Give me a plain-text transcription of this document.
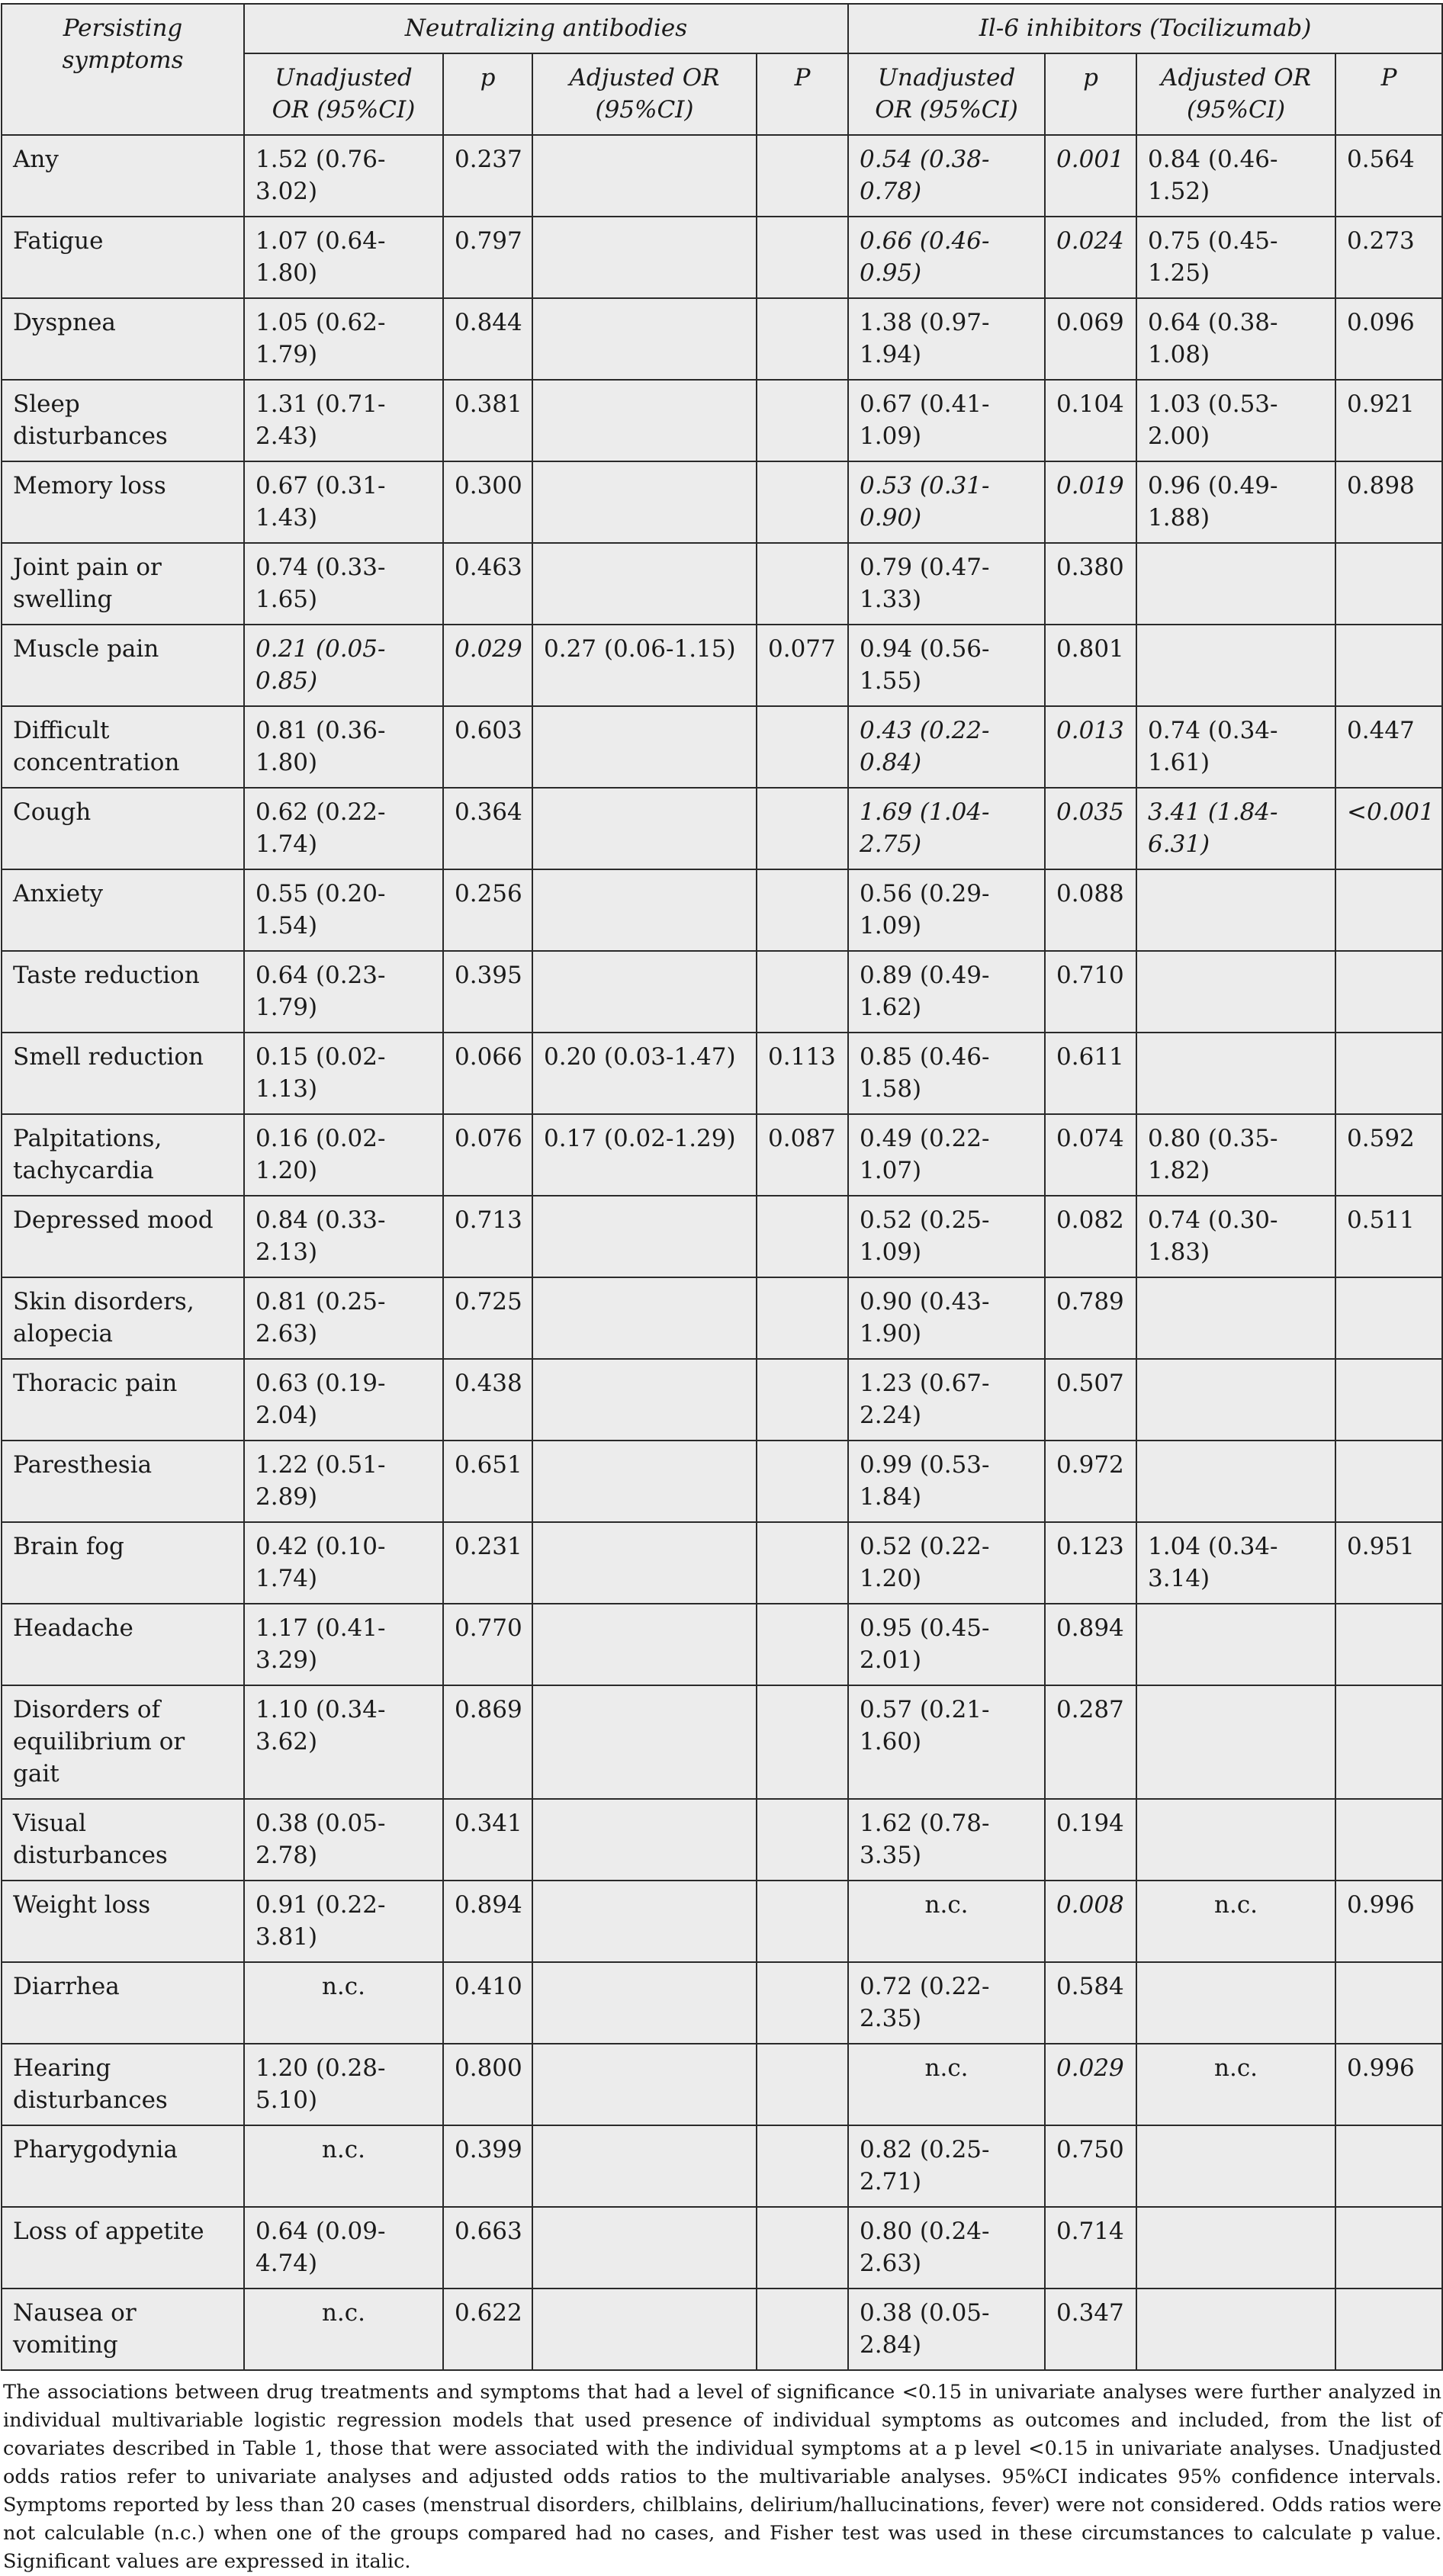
Persisting symptoms	Neutralizing antibodies				Il-6 inhibitors (Tocilizumab)			
	Unadjusted OR (95%CI)	p	Adjusted OR (95%CI)	P	Unadjusted OR (95%CI)	p	Adjusted OR (95%CI)	P
Any	1.52 (0.76-3.02)	0.237			0.54 (0.38-0.78)	0.001	0.84 (0.46-1.52)	0.564
Fatigue	1.07 (0.64-1.80)	0.797			0.66 (0.46-0.95)	0.024	0.75 (0.45-1.25)	0.273
Dyspnea	1.05 (0.62-1.79)	0.844			1.38 (0.97-1.94)	0.069	0.64 (0.38-1.08)	0.096
Sleep disturbances	1.31 (0.71-2.43)	0.381			0.67 (0.41-1.09)	0.104	1.03 (0.53-2.00)	0.921
Memory loss	0.67 (0.31-1.43)	0.300			0.53 (0.31-0.90)	0.019	0.96 (0.49-1.88)	0.898
Joint pain or swelling	0.74 (0.33-1.65)	0.463			0.79 (0.47-1.33)	0.380		
Muscle pain	0.21 (0.05-0.85)	0.029	0.27 (0.06-1.15)	0.077	0.94 (0.56-1.55)	0.801		
Difficult concentration	0.81 (0.36-1.80)	0.603			0.43 (0.22-0.84)	0.013	0.74 (0.34-1.61)	0.447
Cough	0.62 (0.22-1.74)	0.364			1.69 (1.04-2.75)	0.035	3.41 (1.84-6.31)	<0.001
Anxiety	0.55 (0.20-1.54)	0.256			0.56 (0.29-1.09)	0.088		
Taste reduction	0.64 (0.23-1.79)	0.395			0.89 (0.49-1.62)	0.710		
Smell reduction	0.15 (0.02-1.13)	0.066	0.20 (0.03-1.47)	0.113	0.85 (0.46-1.58)	0.611		
Palpitations, tachycardia	0.16 (0.02-1.20)	0.076	0.17 (0.02-1.29)	0.087	0.49 (0.22-1.07)	0.074	0.80 (0.35-1.82)	0.592
Depressed mood	0.84 (0.33-2.13)	0.713			0.52 (0.25-1.09)	0.082	0.74 (0.30-1.83)	0.511
Skin disorders, alopecia	0.81 (0.25-2.63)	0.725			0.90 (0.43-1.90)	0.789		
Thoracic pain	0.63 (0.19-2.04)	0.438			1.23 (0.67-2.24)	0.507		
Paresthesia	1.22 (0.51-2.89)	0.651			0.99 (0.53-1.84)	0.972		
Brain fog	0.42 (0.10-1.74)	0.231			0.52 (0.22-1.20)	0.123	1.04 (0.34-3.14)	0.951
Headache	1.17 (0.41-3.29)	0.770			0.95 (0.45-2.01)	0.894		
Disorders of equilibrium or gait	1.10 (0.34-3.62)	0.869			0.57 (0.21-1.60)	0.287		
Visual disturbances	0.38 (0.05-2.78)	0.341			1.62 (0.78-3.35)	0.194		
Weight loss	0.91 (0.22-3.81)	0.894			n.c.	0.008	n.c.	0.996
Diarrhea	n.c.	0.410			0.72 (0.22-2.35)	0.584		
Hearing disturbances	1.20 (0.28-5.10)	0.800			n.c.	0.029	n.c.	0.996
Pharygodynia	n.c.	0.399			0.82 (0.25-2.71)	0.750		
Loss of appetite	0.64 (0.09-4.74)	0.663			0.80 (0.24-2.63)	0.714		
Nausea or vomiting	n.c.	0.622			0.38 (0.05-2.84)	0.347		

The associations between drug treatments and symptoms that had a level of significance <0.15 in univariate analyses were further analyzed in individual multivariable logistic regression models that used presence of individual symptoms as outcomes and included, from the list of covariates described in Table 1, those that were associated with the individual symptoms at a p level <0.15 in univariate analyses. Unadjusted odds ratios refer to univariate analyses and adjusted odds ratios to the multivariable analyses. 95%CI indicates 95% confidence intervals. Symptoms reported by less than 20 cases (menstrual disorders, chilblains, delirium/hallucinations, fever) were not considered. Odds ratios were not calculable (n.c.) when one of the groups compared had no cases, and Fisher test was used in these circumstances to calculate p value. Significant values are expressed in italic.
